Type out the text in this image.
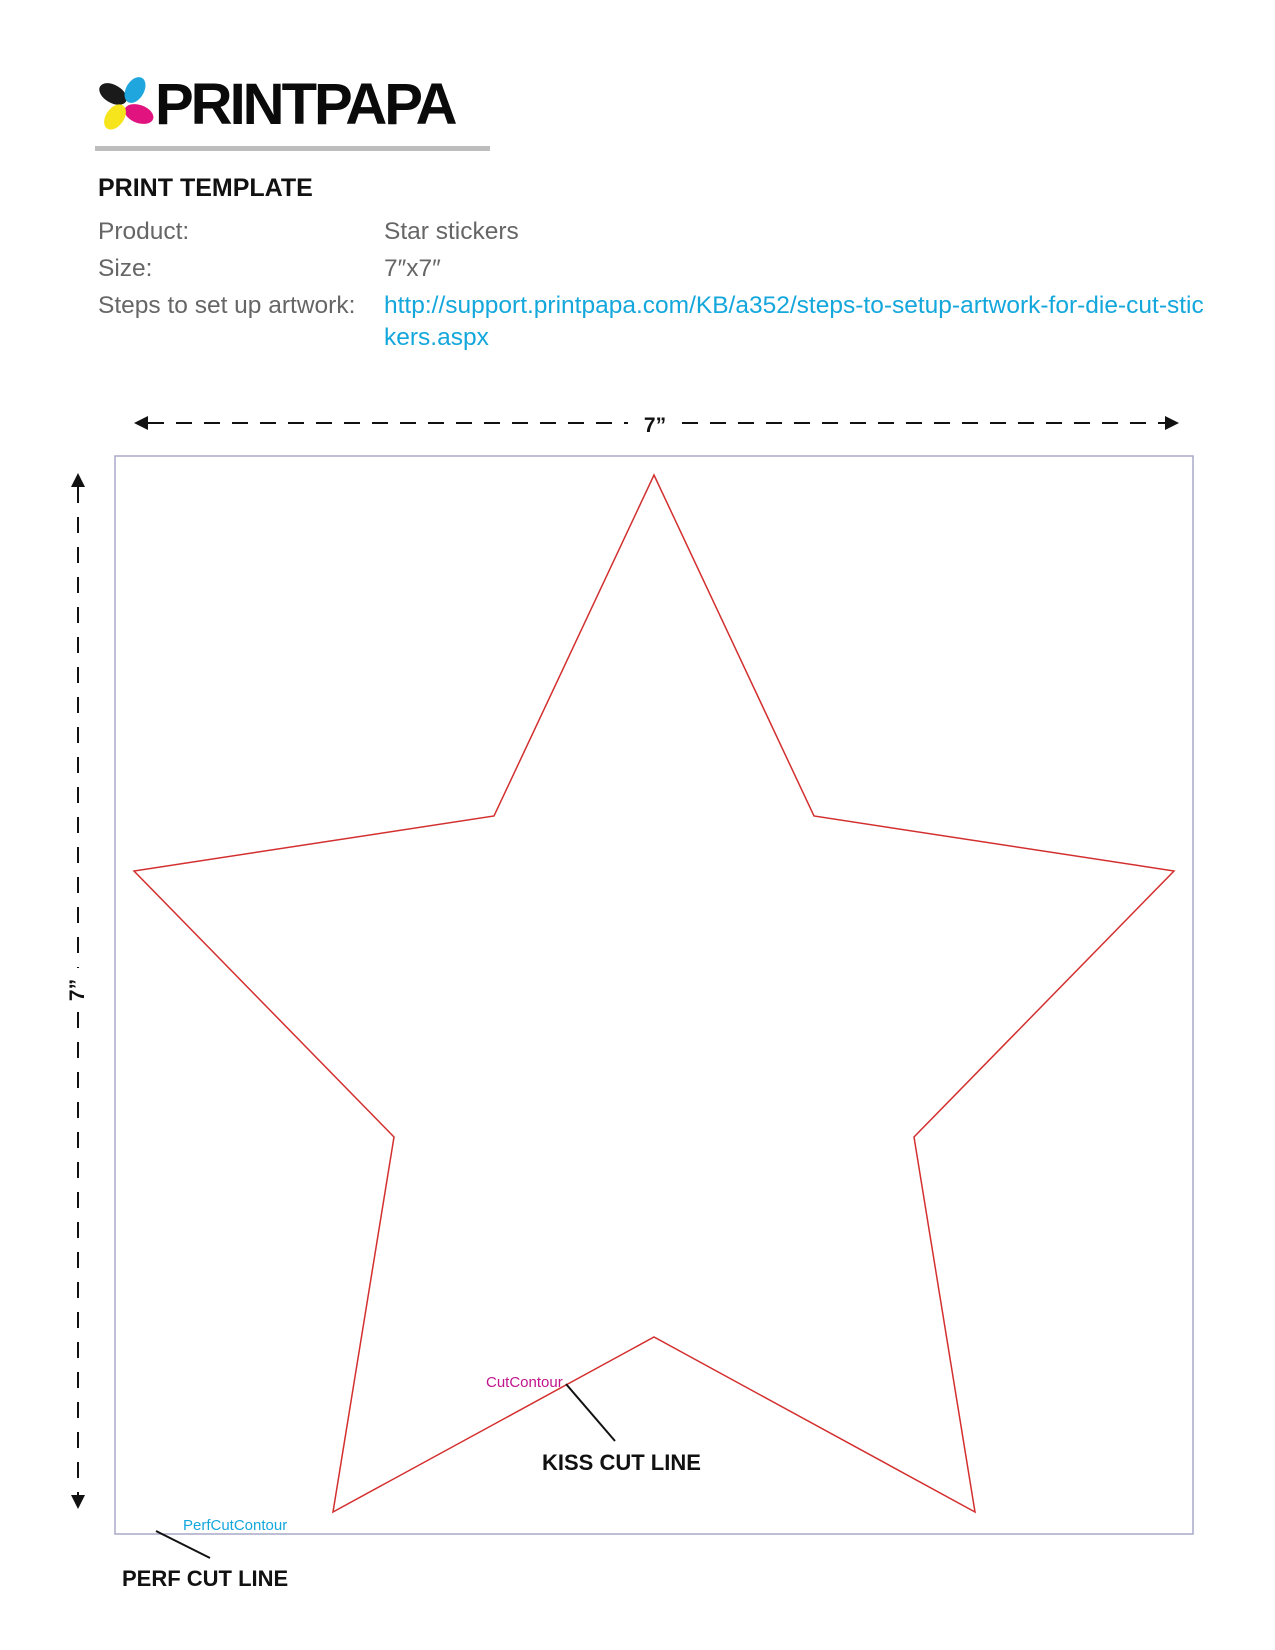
PRINTPAPA
PRINT TEMPLATE
Product:	Star stickers
Size:	7″x7″
Steps to set up artwork: http://support.printpapa.com/KB/a352/steps-to-setup-artwork-for-die-cut-stickers.aspx
7”
7”
CutContour
KISS CUT LINE
PerfCutContour
PERF CUT LINE
